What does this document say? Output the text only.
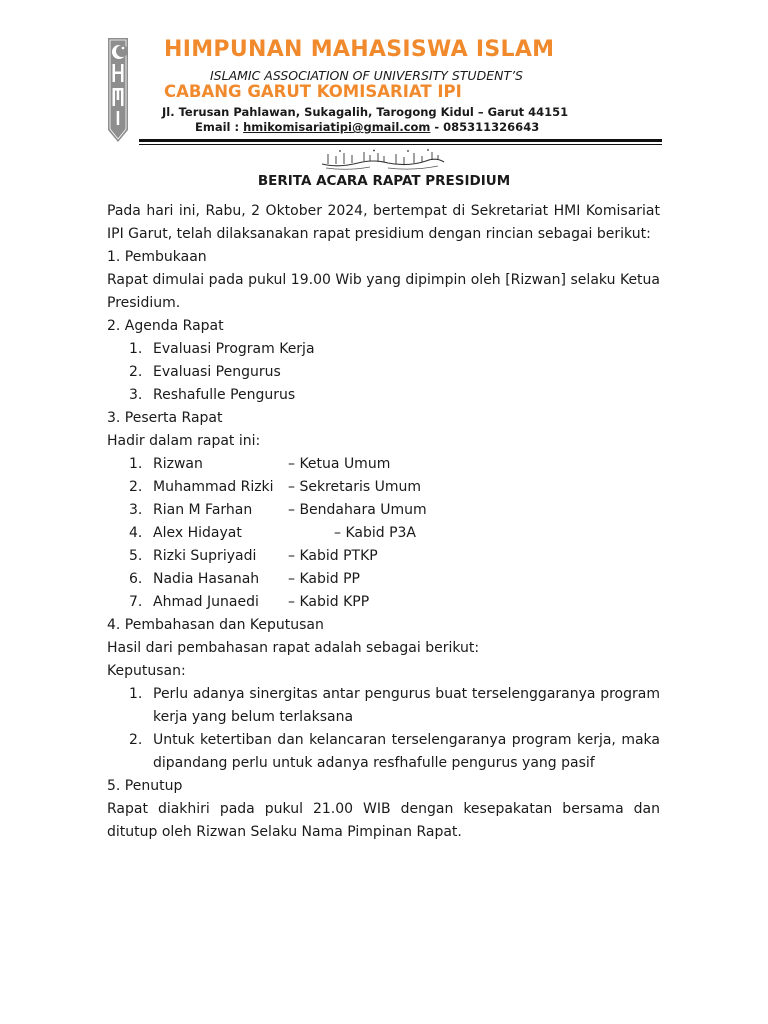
HIMPUNAN MAHASISWA ISLAM
ISLAMIC ASSOCIATION OF UNIVERSITY STUDENT’S
CABANG GARUT KOMISARIAT IPI
Jl. Terusan Pahlawan, Sukagalih, Tarogong Kidul – Garut 44151
Email : hmikomisariatipi@gmail.com - 085311326643
BERITA ACARA RAPAT PRESIDIUM

Pada hari ini, Rabu, 2 Oktober 2024, bertempat di Sekretariat HMI Komisariat IPI Garut, telah dilaksanakan rapat presidium dengan rincian sebagai berikut:

1. Pembukaan

Rapat dimulai pada pukul 19.00 Wib yang dipimpin oleh [Rizwan] selaku Ketua Presidium.

2. Agenda Rapat

1. Evaluasi Program Kerja
2. Evaluasi Pengurus
3. Reshafulle Pengurus

3. Peserta Rapat

Hadir dalam rapat ini:

1. Rizwan	– Ketua Umum
2. Muhammad Rizki – Sekretaris Umum
3. Rian M Farhan	– Bendahara Umum
4. Alex Hidayat	– Kabid P3A
5. Rizki Supriyadi – Kabid PTKP
6. Nadia Hasanah – Kabid PP
7. Ahmad Junaedi – Kabid KPP

4. Pembahasan dan Keputusan

Hasil dari pembahasan rapat adalah sebagai berikut:

Keputusan:

1. Perlu adanya sinergitas antar pengurus buat terselenggaranya program kerja yang belum terlaksana
2. Untuk ketertiban dan kelancaran terselengaranya program kerja, maka dipandang perlu untuk adanya resfhafulle pengurus yang pasif

5. Penutup

Rapat diakhiri pada pukul 21.00 WIB dengan kesepakatan bersama dan ditutup oleh Rizwan Selaku Nama Pimpinan Rapat.
